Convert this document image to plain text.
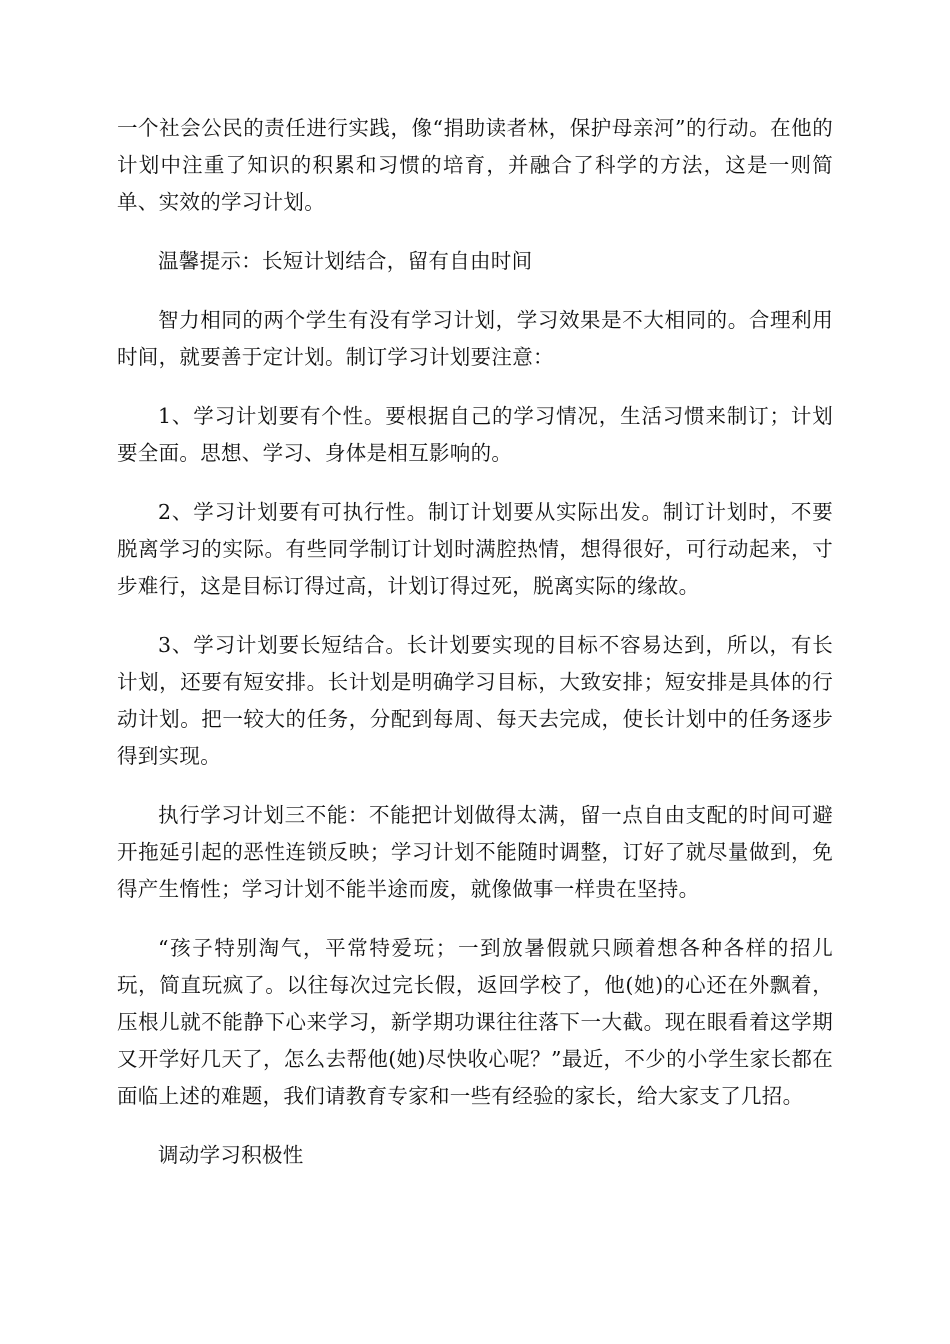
一个社会公民的责任进行实践，像“捐助读者林，保护母亲河”的行动。在他的计划中注重了知识的积累和习惯的培育，并融合了科学的方法，这是一则简单、实效的学习计划。

温馨提示：长短计划结合，留有自由时间

智力相同的两个学生有没有学习计划，学习效果是不大相同的。合理利用时间，就要善于定计划。制订学习计划要注意：

1、学习计划要有个性。要根据自己的学习情况，生活习惯来制订；计划要全面。思想、学习、身体是相互影响的。

2、学习计划要有可执行性。制订计划要从实际出发。制订计划时，不要脱离学习的实际。有些同学制订计划时满腔热情，想得很好，可行动起来，寸步难行，这是目标订得过高，计划订得过死，脱离实际的缘故。

3、学习计划要长短结合。长计划要实现的目标不容易达到，所以，有长计划，还要有短安排。长计划是明确学习目标，大致安排；短安排是具体的行动计划。把一较大的任务，分配到每周、每天去完成，使长计划中的任务逐步得到实现。

执行学习计划三不能：不能把计划做得太满，留一点自由支配的时间可避开拖延引起的恶性连锁反映；学习计划不能随时调整，订好了就尽量做到，免得产生惰性；学习计划不能半途而废，就像做事一样贵在坚持。

“孩子特别淘气，平常特爱玩；一到放暑假就只顾着想各种各样的招儿玩，简直玩疯了。以往每次过完长假，返回学校了，他(她)的心还在外飘着，压根儿就不能静下心来学习，新学期功课往往落下一大截。现在眼看着这学期又开学好几天了，怎么去帮他(她)尽快收心呢？”最近，不少的小学生家长都在面临上述的难题，我们请教育专家和一些有经验的家长，给大家支了几招。

调动学习积极性
